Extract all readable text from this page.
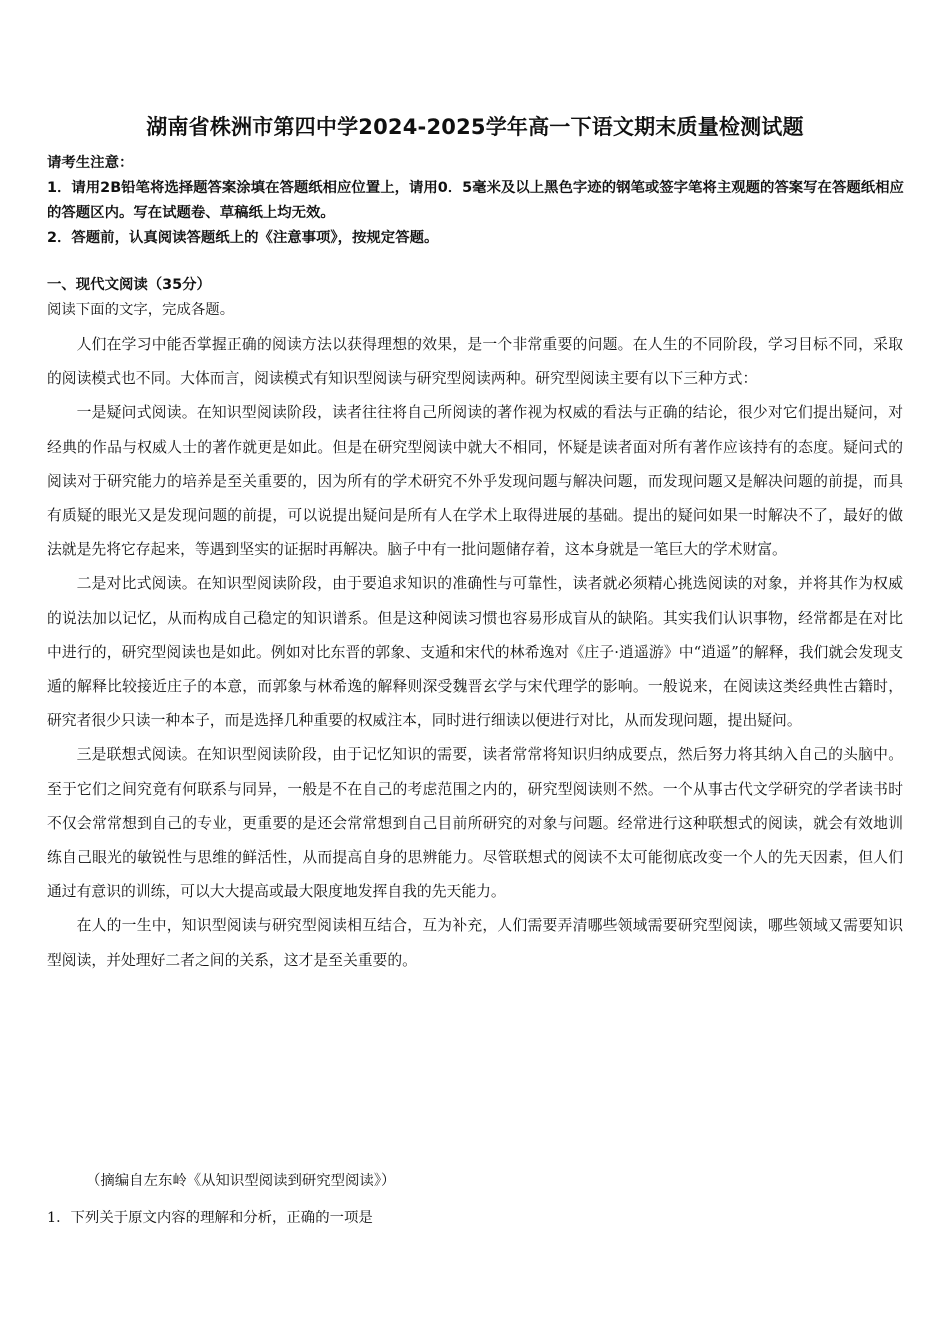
湖南省株洲市第四中学2024-2025学年高一下语文期末质量检测试题

请考生注意：

1．请用2B铅笔将选择题答案涂填在答题纸相应位置上，请用0．5毫米及以上黑色字迹的钢笔或签字笔将主观题的答案写在答题纸相应的答题区内。写在试题卷、草稿纸上均无效。

2．答题前，认真阅读答题纸上的《注意事项》，按规定答题。

一、现代文阅读（35分）
阅读下面的文字，完成各题。

人们在学习中能否掌握正确的阅读方法以获得理想的效果，是一个非常重要的问题。在人生的不同阶段，学习目标不同，采取的阅读模式也不同。大体而言，阅读模式有知识型阅读与研究型阅读两种。研究型阅读主要有以下三种方式：

一是疑问式阅读。在知识型阅读阶段，读者往往将自己所阅读的著作视为权威的看法与正确的结论，很少对它们提出疑问，对经典的作品与权威人士的著作就更是如此。但是在研究型阅读中就大不相同，怀疑是读者面对所有著作应该持有的态度。疑问式的阅读对于研究能力的培养是至关重要的，因为所有的学术研究不外乎发现问题与解决问题，而发现问题又是解决问题的前提，而具有质疑的眼光又是发现问题的前提，可以说提出疑问是所有人在学术上取得进展的基础。提出的疑问如果一时解决不了，最好的做法就是先将它存起来，等遇到坚实的证据时再解决。脑子中有一批问题储存着，这本身就是一笔巨大的学术财富。

二是对比式阅读。在知识型阅读阶段，由于要追求知识的准确性与可靠性，读者就必须精心挑选阅读的对象，并将其作为权威的说法加以记忆，从而构成自己稳定的知识谱系。但是这种阅读习惯也容易形成盲从的缺陷。其实我们认识事物，经常都是在对比中进行的，研究型阅读也是如此。例如对比东晋的郭象、支遁和宋代的林希逸对《庄子·逍遥游》中“逍遥”的解释，我们就会发现支遁的解释比较接近庄子的本意，而郭象与林希逸的解释则深受魏晋玄学与宋代理学的影响。一般说来，在阅读这类经典性古籍时，研究者很少只读一种本子，而是选择几种重要的权威注本，同时进行细读以便进行对比，从而发现问题，提出疑问。

三是联想式阅读。在知识型阅读阶段，由于记忆知识的需要，读者常常将知识归纳成要点，然后努力将其纳入自己的头脑中。至于它们之间究竟有何联系与同异，一般是不在自己的考虑范围之内的，研究型阅读则不然。一个从事古代文学研究的学者读书时不仅会常常想到自己的专业，更重要的是还会常常想到自己目前所研究的对象与问题。经常进行这种联想式的阅读，就会有效地训练自己眼光的敏锐性与思维的鲜活性，从而提高自身的思辨能力。尽管联想式的阅读不太可能彻底改变一个人的先天因素，但人们通过有意识的训练，可以大大提高或最大限度地发挥自我的先天能力。

在人的一生中，知识型阅读与研究型阅读相互结合，互为补充，人们需要弄清哪些领域需要研究型阅读，哪些领域又需要知识型阅读，并处理好二者之间的关系，这才是至关重要的。

（摘编自左东岭《从知识型阅读到研究型阅读》）
1．下列关于原文内容的理解和分析，正确的一项是
